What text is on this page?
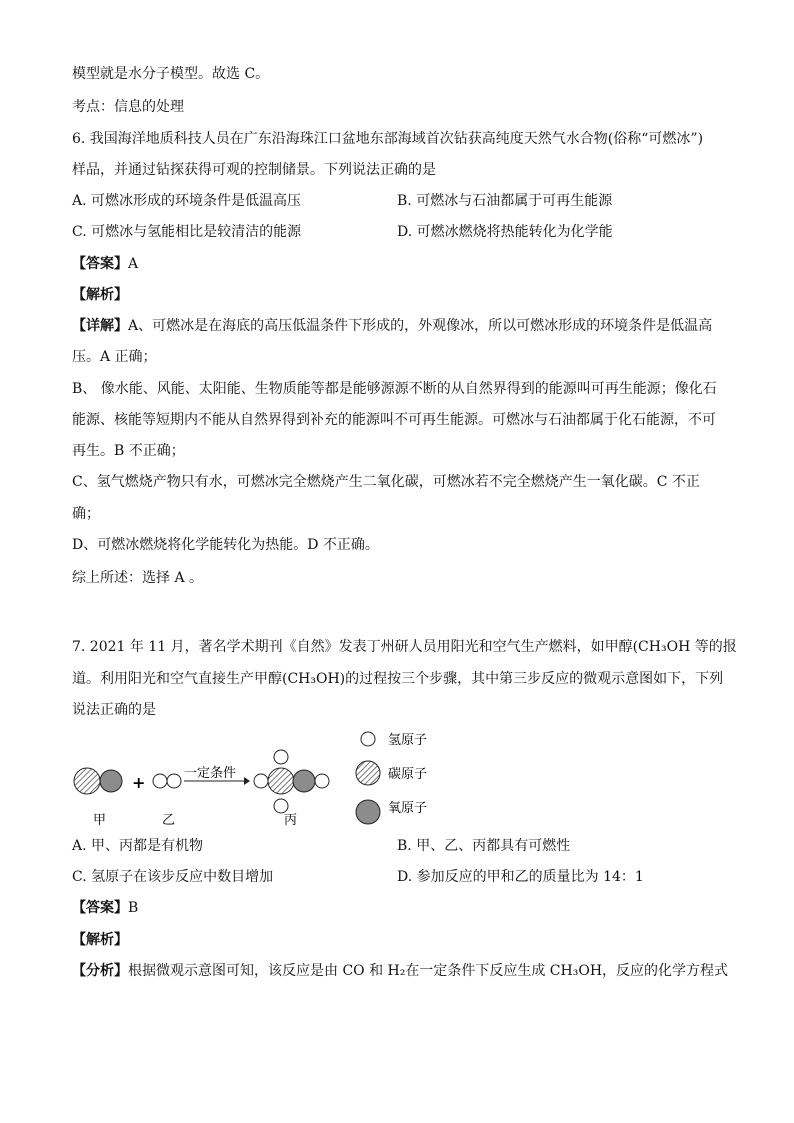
模型就是水分子模型。故选 C。
考点：信息的处理
6. 我国海洋地质科技人员在广东沿海珠江口盆地东部海域首次钻获高纯度天然气水合物(俗称“可燃冰”)
样品，并通过钻探获得可观的控制储景。下列说法正确的是
A. 可燃冰形成的环境条件是低温高压	B. 可燃冰与石油都属于可再生能源
C. 可燃冰与氢能相比是较清洁的能源	D. 可燃冰燃烧将热能转化为化学能
【答案】A
【解析】
【详解】A、可燃冰是在海底的高压低温条件下形成的，外观像冰，所以可燃冰形成的环境条件是低温高
压。A 正确；
B、 像水能、风能、太阳能、生物质能等都是能够源源不断的从自然界得到的能源叫可再生能源；像化石
能源、核能等短期内不能从自然界得到补充的能源叫不可再生能源。可燃冰与石油都属于化石能源，不可
再生。B 不正确；
C、氢气燃烧产物只有水，可燃冰完全燃烧产生二氧化碳，可燃冰若不完全燃烧产生一氧化碳。C 不正
确；
D、可燃冰燃烧将化学能转化为热能。D 不正确。
综上所述：选择 A 。
7. 2021 年 11 月，著名学术期刊《自然》发表丁州研人员用阳光和空气生产燃料，如甲醇(CH₃OH 等的报
道。利用阳光和空气直接生产甲醇(CH₃OH)的过程按三个步骤，其中第三步反应的微观示意图如下，下列
说法正确的是
+	一定条件
甲	乙	丙
氢原子
碳原子
氧原子
A. 甲、丙都是有机物	B. 甲、乙、丙都具有可燃性
C. 氢原子在该步反应中数目增加	D. 参加反应的甲和乙的质量比为 14：1
【答案】B
【解析】
【分析】根据微观示意图可知，该反应是由 CO 和 H₂在一定条件下反应生成 CH₃OH，反应的化学方程式
